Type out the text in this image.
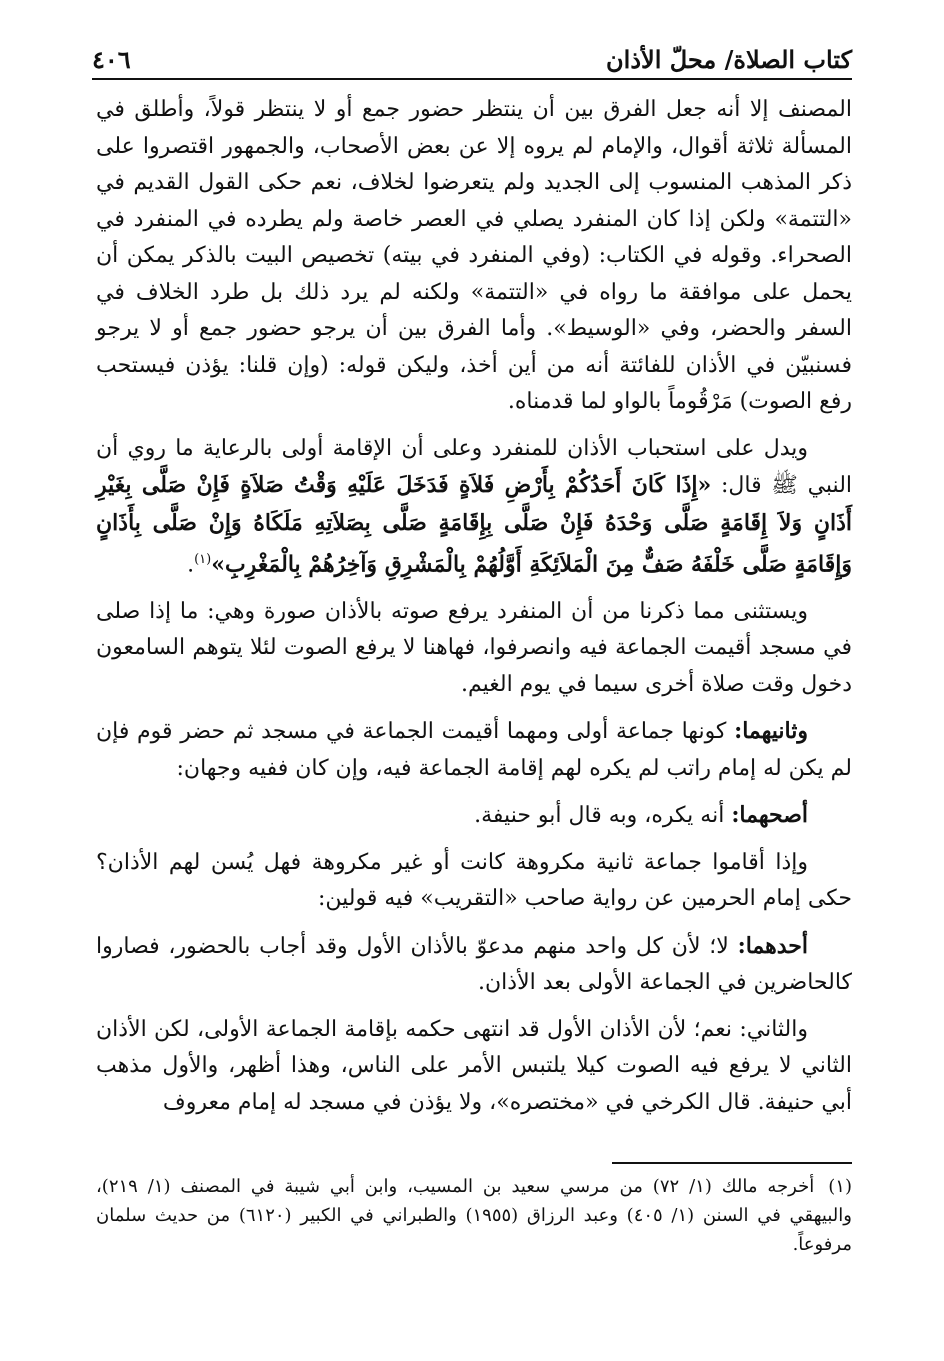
كتاب الصلاة/ محلّ الأذان
٤٠٦

المصنف إلا أنه جعل الفرق بين أن ينتظر حضور جمع أو لا ينتظر قولاً، وأطلق في المسألة ثلاثة أقوال، والإمام لم يروه إلا عن بعض الأصحاب، والجمهور اقتصروا على ذكر المذهب المنسوب إلى الجديد ولم يتعرضوا لخلاف، نعم حكى القول القديم في «التتمة» ولكن إذا كان المنفرد يصلي في العصر خاصة ولم يطرده في المنفرد في الصحراء. وقوله في الكتاب: (وفي المنفرد في بيته) تخصيص البيت بالذكر يمكن أن يحمل على موافقة ما رواه في «التتمة» ولكنه لم يرد ذلك بل طرد الخلاف في السفر والحضر، وفي «الوسيط». وأما الفرق بين أن يرجو حضور جمع أو لا يرجو فسنبيّن في الأذان للفائتة أنه من أين أخذ، وليكن قوله: (وإن قلنا: يؤذن فيستحب رفع الصوت) مَرْقُوماً بالواو لما قدمناه.

ويدل على استحباب الأذان للمنفرد وعلى أن الإقامة أولى بالرعاية ما روي أن النبي ﷺ قال: «إِذَا كَانَ أَحَدُكُمْ بِأَرْضِ فَلاَةٍ فَدَخَلَ عَلَيْهِ وَقْتُ صَلاَةٍ فَإِنْ صَلَّى بِغَيْرِ أَذَانٍ وَلاَ إِقَامَةٍ صَلَّى وَحْدَهُ فَإِنْ صَلَّى بِإِقَامَةٍ صَلَّى بِصَلاَتِهِ مَلَكَاهُ وَإِنْ صَلَّى بِأَذَانٍ وَإِقَامَةٍ صَلَّى خَلْفَهُ صَفٌّ مِنَ الْمَلاَئِكَةِ أَوَّلُهُمْ بِالْمَشْرِقِ وَآخِرُهُمْ بِالْمَغْرِبِ»$^{(١)}$.

ويستثنى مما ذكرنا من أن المنفرد يرفع صوته بالأذان صورة وهي: ما إذا صلى في مسجد أقيمت الجماعة فيه وانصرفوا، فهاهنا لا يرفع الصوت لئلا يتوهم السامعون دخول وقت صلاة أخرى سيما في يوم الغيم.

وثانيهما: كونها جماعة أولى ومهما أقيمت الجماعة في مسجد ثم حضر قوم فإن لم يكن له إمام راتب لم يكره لهم إقامة الجماعة فيه، وإن كان ففيه وجهان:

أصحهما: أنه يكره، وبه قال أبو حنيفة.

وإذا أقاموا جماعة ثانية مكروهة كانت أو غير مكروهة فهل يُسن لهم الأذان؟ حكى إمام الحرمين عن رواية صاحب «التقريب» فيه قولين:

أحدهما: لا؛ لأن كل واحد منهم مدعوّ بالأذان الأول وقد أجاب بالحضور، فصاروا كالحاضرين في الجماعة الأولى بعد الأذان.

والثاني: نعم؛ لأن الأذان الأول قد انتهى حكمه بإقامة الجماعة الأولى، لكن الأذان الثاني لا يرفع فيه الصوت كيلا يلتبس الأمر على الناس، وهذا أظهر، والأول مذهب أبي حنيفة. قال الكرخي في «مختصره»، ولا يؤذن في مسجد له إمام معروف

(١)أخرجه مالك (١/ ٧٢) من مرسي سعيد بن المسيب، وابن أبي شيبة في المصنف (١/ ٢١٩)، والبيهقي في السنن (١/ ٤٠٥) وعبد الرزاق (١٩٥٥) والطبراني في الكبير (٦١٢٠) من حديث سلمان مرفوعاً.
